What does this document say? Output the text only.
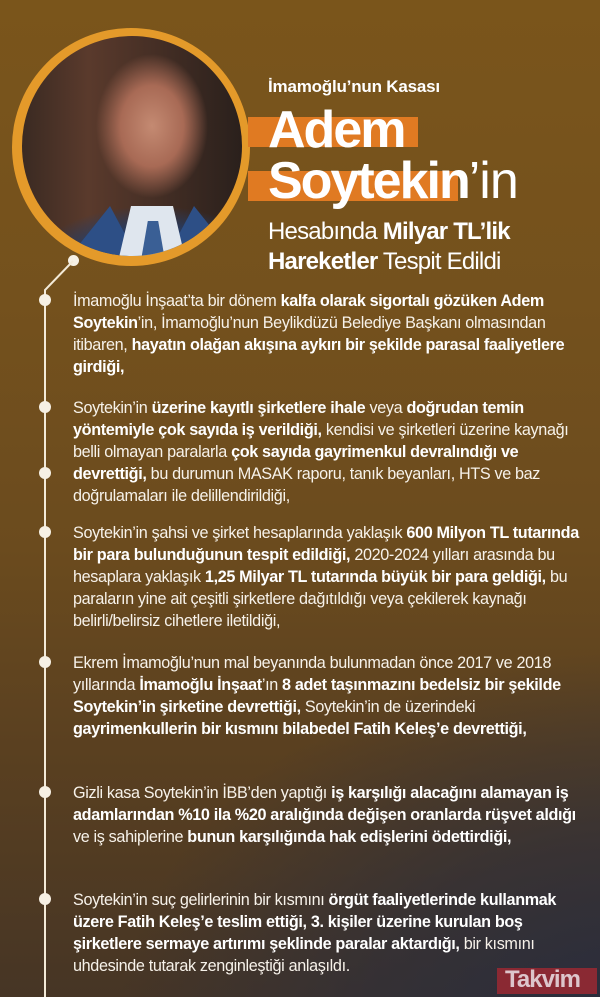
İmamoğlu’nun Kasası
Adem
Soytekin’in
Hesabında Milyar TL’lik
Hareketler Tespit Edildi
İmamoğlu İnşaat’ta bir dönem kalfa olarak sigortalı gözüken Adem Soytekin’in, İmamoğlu’nun Beylikdüzü Belediye Başkanı olmasından itibaren, hayatın olağan akışına aykırı bir şekilde parasal faaliyetlere girdiği,
Soytekin’in üzerine kayıtlı şirketlere ihale veya doğrudan temin yöntemiyle çok sayıda iş verildiği, kendisi ve şirketleri üzerine kaynağı belli olmayan paralarla çok sayıda gayrimenkul devralındığı ve devrettiği, bu durumun MASAK raporu, tanık beyanları, HTS ve baz doğrulamaları ile delillendirildiği,
Soytekin’in şahsi ve şirket hesaplarında yaklaşık 600 Milyon TL tutarında bir para bulunduğunun tespit edildiği, 2020-2024 yılları arasında bu hesaplara yaklaşık 1,25 Milyar TL tutarında büyük bir para geldiği, bu paraların yine ait çeşitli şirketlere dağıtıldığı veya çekilerek kaynağı belirli/belirsiz cihetlere iletildiği,
Ekrem İmamoğlu’nun mal beyanında bulunmadan önce 2017 ve 2018 yıllarında İmamoğlu İnşaat’ın 8 adet taşınmazını bedelsiz bir şekilde Soytekin’in şirketine devrettiği, Soytekin’in de üzerindeki gayrimenkullerin bir kısmını bilabedel Fatih Keleş’e devrettiği,
Gizli kasa Soytekin’in İBB’den yaptığı iş karşılığı alacağını alamayan iş adamlarından %10 ila %20 aralığında değişen oranlarda rüşvet aldığı ve iş sahiplerine bunun karşılığında hak edişlerini ödettirdiği,
Soytekin’in suç gelirlerinin bir kısmını örgüt faaliyetlerinde kullanmak üzere Fatih Keleş’e teslim ettiği, 3. kişiler üzerine kurulan boş şirketlere sermaye artırımı şeklinde paralar aktardığı, bir kısmını uhdesinde tutarak zenginleştiği anlaşıldı.	Takvim
